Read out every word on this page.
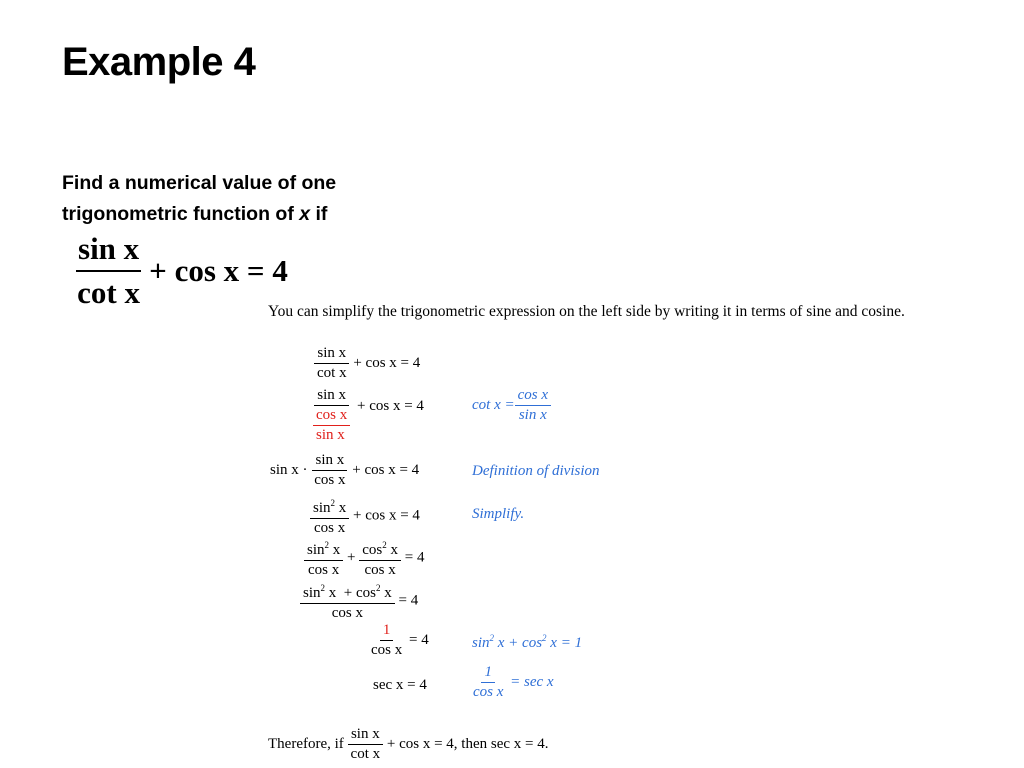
Example 4
Find a numerical value of one
trigonometric function of x if
$\frac{\text{sin x}}{\text{cot x}} + \cos x = 4$
You can simplify the trigonometric expression on the left side by writing it in terms of sine and cosine.
$\frac{\text{sin x}}{\text{cot x}} + \cos x = 4$
$\frac{\text{sin x}}{\frac{\text{cos x}}{\text{sin x}}} + \cos x = 4$	$\cot x = \frac{\text{cos x}}{\text{sin x}}$
$\sin x \cdot \frac{\text{sin x}}{\text{cos x}} + \cos x = 4$	Definition of division
$\frac{\sin^2 x}{\text{cos x}} + \cos x = 4$	Simplify.
$\frac{\sin^2 x}{\text{cos x}} + \frac{\cos^2 x}{\text{cos x}} = 4$
$\frac{\sin^2 x + \cos^2 x}{\text{cos x}} = 4$
$\frac{1}{\text{cos x}} = 4$	$\sin^2 x + \cos^2 x = 1$
sec x = 4	$\frac{1}{\text{cos x}} = \sec x$
Therefore, if $\frac{\text{sin x}}{\text{cot x}} + \cos x = 4$, then sec x = 4.
